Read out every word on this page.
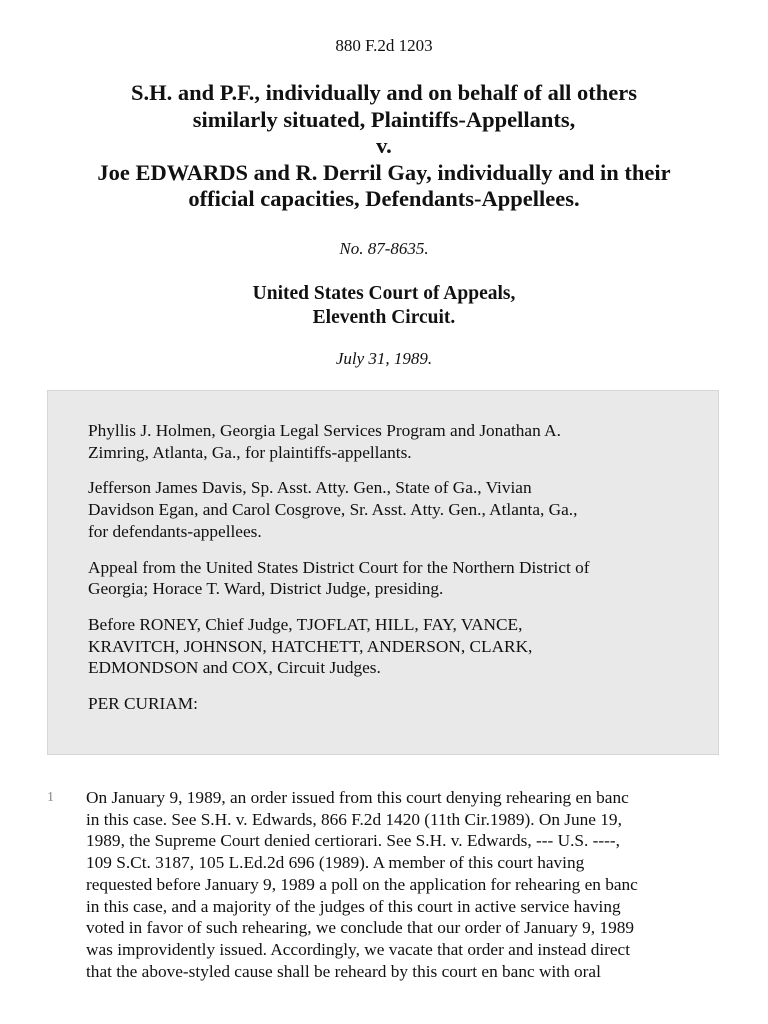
880 F.2d 1203
S.H. and P.F., individually and on behalf of all others
similarly situated, Plaintiffs-Appellants,
v.
Joe EDWARDS and R. Derril Gay, individually and in their
official capacities, Defendants-Appellees.
No. 87-8635.
United States Court of Appeals,
Eleventh Circuit.
July 31, 1989.
Phyllis J. Holmen, Georgia Legal Services Program and Jonathan A.
Zimring, Atlanta, Ga., for plaintiffs-appellants.
Jefferson James Davis, Sp. Asst. Atty. Gen., State of Ga., Vivian
Davidson Egan, and Carol Cosgrove, Sr. Asst. Atty. Gen., Atlanta, Ga.,
for defendants-appellees.
Appeal from the United States District Court for the Northern District of
Georgia; Horace T. Ward, District Judge, presiding.
Before RONEY, Chief Judge, TJOFLAT, HILL, FAY, VANCE,
KRAVITCH, JOHNSON, HATCHETT, ANDERSON, CLARK,
EDMONDSON and COX, Circuit Judges.
PER CURIAM:
1 On January 9, 1989, an order issued from this court denying rehearing en banc
in this case. See S.H. v. Edwards, 866 F.2d 1420 (11th Cir.1989). On June 19,
1989, the Supreme Court denied certiorari. See S.H. v. Edwards, --- U.S. ----,
109 S.Ct. 3187, 105 L.Ed.2d 696 (1989). A member of this court having
requested before January 9, 1989 a poll on the application for rehearing en banc
in this case, and a majority of the judges of this court in active service having
voted in favor of such rehearing, we conclude that our order of January 9, 1989
was improvidently issued. Accordingly, we vacate that order and instead direct
that the above-styled cause shall be reheard by this court en banc with oral
